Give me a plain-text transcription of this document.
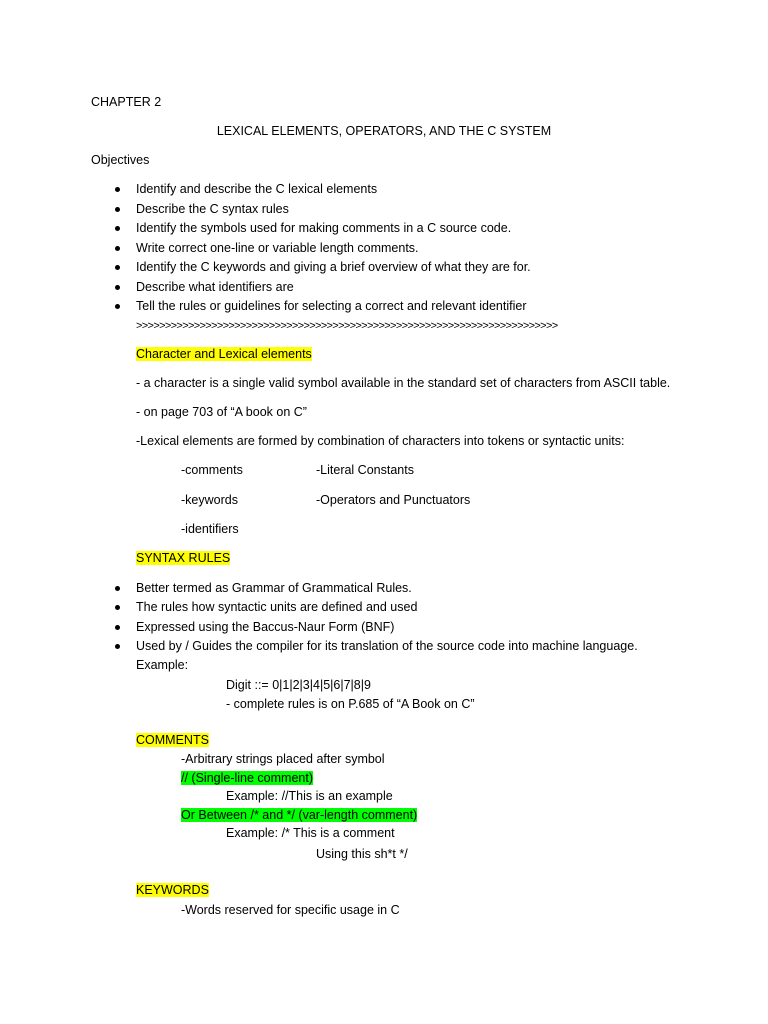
CHAPTER 2
LEXICAL ELEMENTS, OPERATORS, AND THE C SYSTEM
Objectives
Identify and describe the C lexical elements
Describe the C syntax rules
Identify the symbols used for making comments in a C source code.
Write correct one-line or variable length comments.
Identify the C keywords and giving a brief overview of what they are for.
Describe what identifiers are
Tell the rules or guidelines for selecting a correct and relevant identifier
>>>>>>>>>>>>>>>>>>>>>>>>>>>>>>>>>>>>>>>>>>>>>>>>>>>>>>>>>>>>>>>>>>>>>>>>>
Character and Lexical elements
- a character is a single valid symbol available in the standard set of characters from ASCII table.
- on page 703 of “A book on C”
-Lexical elements are formed by combination of characters into tokens or syntactic units:
-comments	-Literal Constants
-keywords	-Operators and Punctuators
-identifiers
SYNTAX RULES
Better termed as Grammar of Grammatical Rules.
The rules how syntactic units are defined and used
Expressed using the Baccus-Naur Form (BNF)
Used by / Guides the compiler for its translation of the source code into machine language.
Example:
Digit ::= 0|1|2|3|4|5|6|7|8|9
- complete rules is on P.685 of “A Book on C”
COMMENTS
-Arbitrary strings placed after symbol
// (Single-line comment)
Example: //This is an example
Or Between /* and */ (var-length comment)
Example: /* This is a comment
Using this sh*t */
KEYWORDS
-Words reserved for specific usage in C
